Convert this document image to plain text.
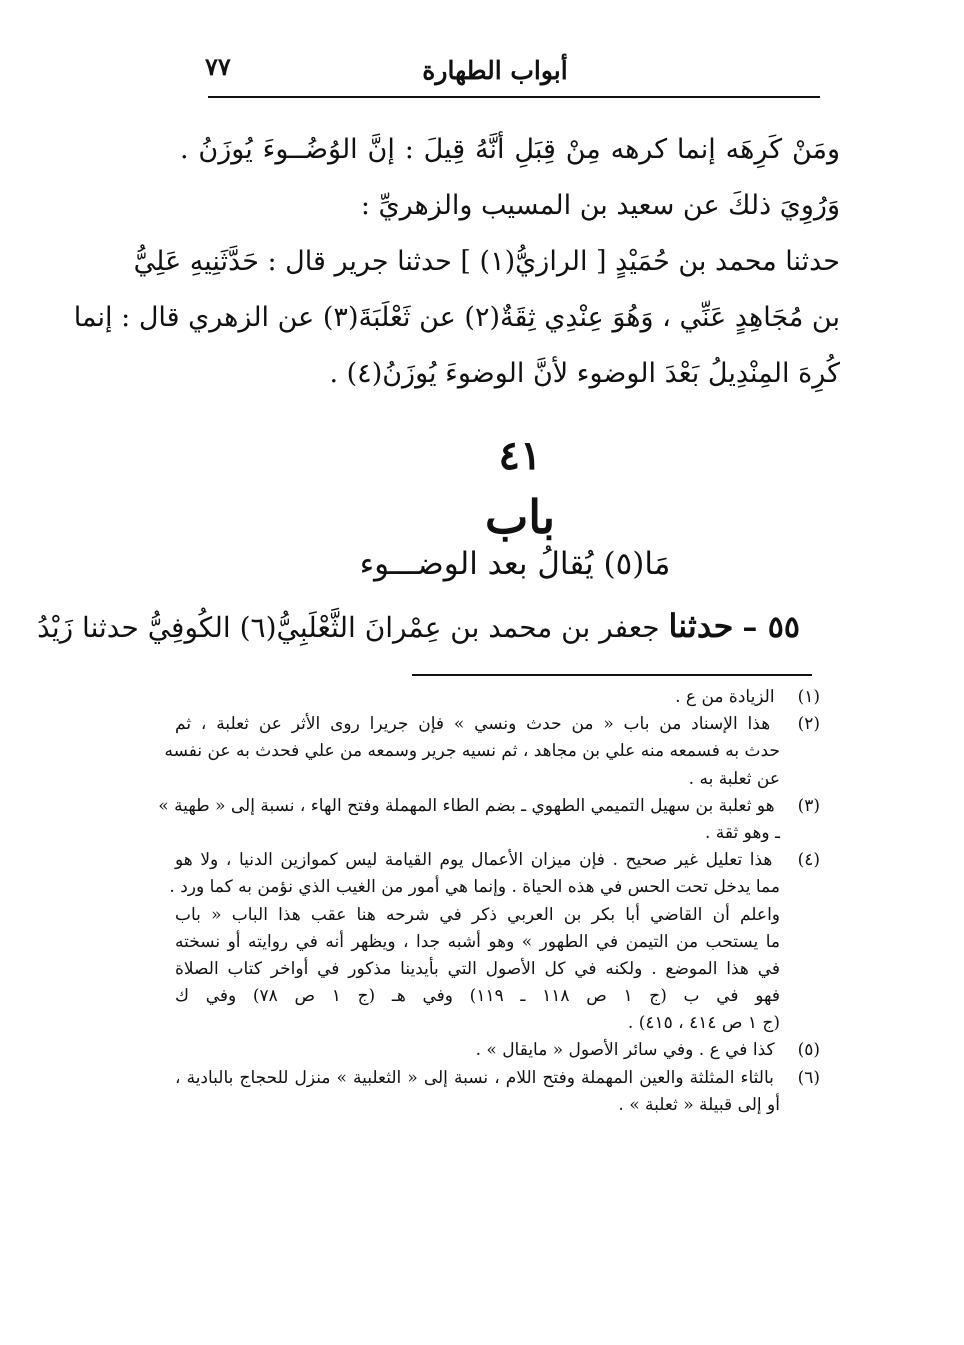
أبواب الطهارة
٧٧
ومَنْ كَرِهَه إنما كرهه مِنْ قِبَلِ أنَّهُ قِيلَ : إنَّ الوُضُــوءَ يُوزَنُ .
وَرُوِيَ ذلكَ عن سعيد بن المسيب والزهريِّ :
حدثنا محمد بن حُمَيْدٍ [ الرازيُّ(١) ] حدثنا جرير قال : حَدَّثَنِيهِ عَلِيُّ
بن مُجَاهِدٍ عَنِّي ، وَهُوَ عِنْدِي ثِقَةٌ(٢) عن ثَعْلَبَةَ(٣) عن الزهري قال : إنما
كُرِهَ المِنْدِيلُ بَعْدَ الوضوء لأنَّ الوضوءَ يُوزَنُ(٤) .
٤١
باب
مَا(٥) يُقالُ بعد الوضـــوء
٥٥ – حدثنا جعفر بن محمد بن عِمْرانَ الثَّعْلَبِيُّ(٦) الكُوفِيُّ حدثنا زَيْدُ
(١) الزيادة من ع .
(٢) هذا الإسناد من باب « من حدث ونسي » فإن جريرا روى الأثر عن ثعلبة ، ثم
حدث به فسمعه منه علي بن مجاهد ، ثم نسيه جرير وسمعه من علي فحدث به عن نفسه
عن ثعلبة به .
(٣) هو ثعلبة بن سهيل التميمي الطهوي ـ بضم الطاء المهملة وفتح الهاء ، نسبة إلى « طهية »
ـ وهو ثقة .
(٤) هذا تعليل غير صحيح . فإن ميزان الأعمال يوم القيامة ليس كموازين الدنيا ، ولا هو
مما يدخل تحت الحس في هذه الحياة . وإنما هي أمور من الغيب الذي نؤمن به كما ورد .
واعلم أن القاضي أبا بكر بن العربي ذكر في شرحه هنا عقب هذا الباب « باب
ما يستحب من التيمن في الطهور » وهو أشبه جدا ، ويظهر أنه في روايته أو نسخته
في هذا الموضع . ولكنه في كل الأصول التي بأيدينا مذكور في أواخر كتاب الصلاة
فهو في ب (ج ١ ص ١١٨ ـ ١١٩) وفي هـ (ج ١ ص ٧٨) وفي ك
(ج ١ ص ٤١٤ ، ٤١٥) .
(٥) كذا في ع . وفي سائر الأصول « مايقال » .
(٦) بالثاء المثلثة والعين المهملة وفتح اللام ، نسبة إلى « الثعلبية » منزل للحجاج بالبادية ،
أو إلى قبيلة « ثعلبة » .
